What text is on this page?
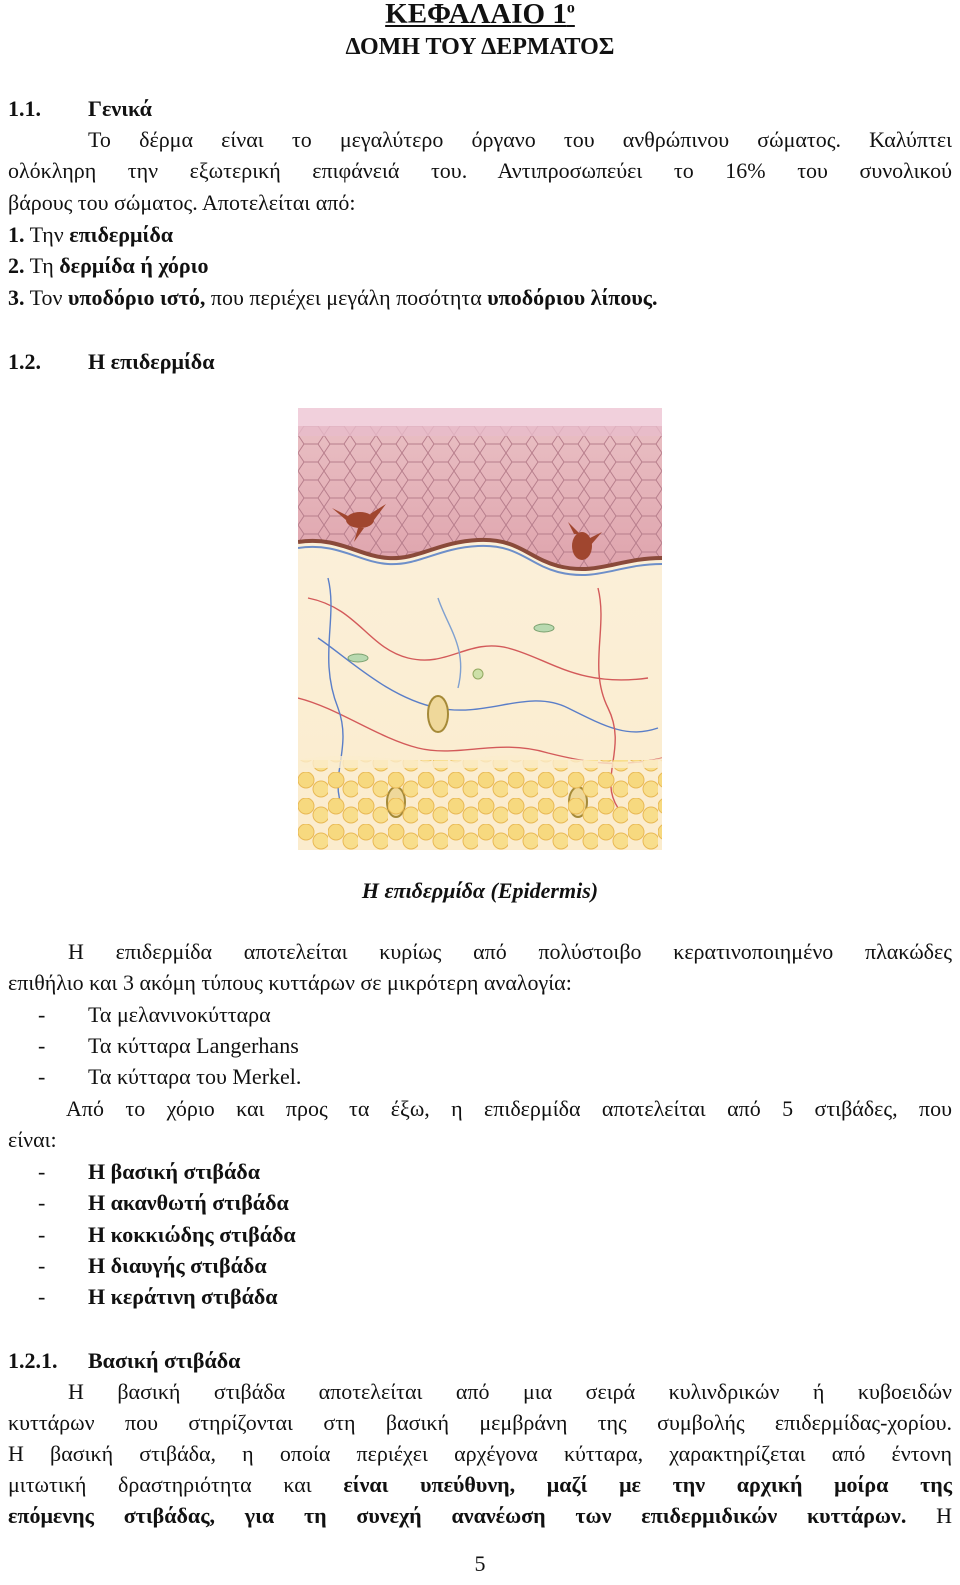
ΚΕΦΑΛΑΙΟ $1^o$
ΔΟΜΗ ΤΟΥ ΔΕΡΜΑΤΟΣ
1.1. Γενικά
Το δέρμα είναι το μεγαλύτερο όργανο του ανθρώπινου σώματος. Καλύπτει
ολόκληρη την εξωτερική επιφάνειά του. Αντιπροσωπεύει το 16% του συνολικού
βάρους του σώματος. Αποτελείται από:
1. Την επιδερμίδα
2. Τη δερμίδα ή χόριο
3. Τον υποδόριο ιστό, που περιέχει μεγάλη ποσότητα υποδόριου λίπους.
1.2. Η επιδερμίδα
Η επιδερμίδα (Epidermis)
Η επιδερμίδα αποτελείται κυρίως από πολύστοιβο κερατινοποιημένο πλακώδες
επιθήλιο και 3 ακόμη τύπους κυττάρων σε μικρότερη αναλογία:
- Τα μελανινοκύτταρα
- Τα κύτταρα Langerhans
- Τα κύτταρα του Merkel.
Από το χόριο και προς τα έξω, η επιδερμίδα αποτελείται από 5 στιβάδες, που
είναι:
- Η βασική στιβάδα
- Η ακανθωτή στιβάδα
- Η κοκκιώδης στιβάδα
- Η διαυγής στιβάδα
- Η κεράτινη στιβάδα
1.2.1. Βασική στιβάδα
Η βασική στιβάδα αποτελείται από μια σειρά κυλινδρικών ή κυβοειδών
κυττάρων που στηρίζονται στη βασική μεμβράνη της συμβολής επιδερμίδας-χορίου.
Η βασική στιβάδα, η οποία περιέχει αρχέγονα κύτταρα, χαρακτηρίζεται από έντονη
μιτωτική δραστηριότητα και είναι υπεύθυνη, μαζί με την αρχική μοίρα της
επόμενης στιβάδας, για τη συνεχή ανανέωση των επιδερμιδικών κυττάρων. Η
5
